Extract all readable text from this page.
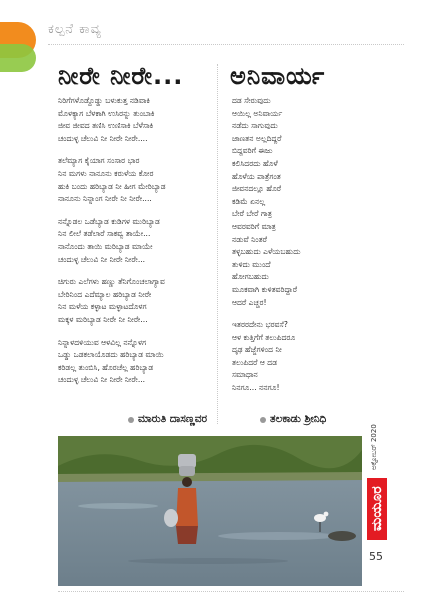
ಕಲ್ಪನೆ ಕಾವ್ಯ
ನೀರೇ ನೀರೇ... ಅನಿವಾರ್ಯ
ನಿರಿಗೆಗಳೊಡ್ದೊಡ್ಡು ಬಳುಕುತ್ತ ನಡಿವಾಕಿ
ಮೊಳಕ್ಯಾಗ ಬೆಳಕಾಗಿ ಉಸಿರನ್ನು ತುಂಬಾಕಿ
ಜೀವ ಜೀವದ ತಣಿಸಿ ಉಣಿಸಾಕಿ ಬೆಳೆಸಾಕಿ
ಚಂದುಳ್ಳ ಚೆಲುವಿ ನೀ ನೀರೇ ನೀರೇ....
ತಲೆಮ್ಯಾಗ ಕೈಯಾಗ ಸಂಸಾರ ಭಾರ
ನಿನ ಮಗಳು ನಾನೂನು ಕರುಳೆಯ ಕೋರ
ಹುಕಿ ಬಂದು ಹರಿಬ್ಯಾಡ ನೀ ಹೀಗ ಮೇರಿಬ್ಯಾಡ
ನಾನೂನು ನಿನ್ನಾಂಗ ನೀರೇ ನೀ ನೀರೇ....
ನನ್ನೊಡಲ ಒಡೆಬ್ಯಾಡ ಕುಡಿಗಳ ಮುರಿಬ್ಯಾಡ
ನಿನ ಲೀಲೆ ತಡೆಲಾರೆ ಸಾಕವ್ವ ತಾಯೇ...
ನಾನೊಂದು ತಾಯಿ ಮರಿಬ್ಯಾಡ ಮಾಯೇ
ಚಂದುಳ್ಳ ಚೆಲುವಿ ನೀ ನೀರೇ ನೀರೇ...
ಚಿಗುರು ಎಲೆಗಳು ಹಣ್ಣು ತೆನಿಗೊಂಚಲಾಗ್ಯಾವ
ಬೇರಿನಿಂದ ಎದೆಮ್ಯಾಲ ಹರಿಬ್ಯಾಡ ನೀರೇ
ನಿನ ಮಳೆಯ ಕಳ್ಳಾಟ ಮಳ್ಳಾಟದೊಳಗ
ಮಕ್ಕಳ ಮರಿಬ್ಯಾಡ ನೀರೇ ನೀ ನೀರೇ...
ನಿನ್ನಾಳದಳಿಯುವ ಆಳವಿಲ್ಲ ನನ್ನೊಳಗ
ಒಡ್ಡು ಒಡಕಲಾಯೊಡದು ಹರಿಬ್ಯಾಡ ಮಾಯಿ
ಕರಿಡಲ್ಲ ತುಂಬಿಸಿ, ಹೊರಚೆಲ್ಲ ಹರಿಬ್ಯಾಡ
ಚಂದುಳ್ಳ ಚೆಲುವಿ ನೀ ನೀರೇ ನೀರೇ...
ದಡ ಸೇರುವುದು
ಆಯಿಲ್ಲ ಅನಿವಾರ್ಯ
ನಡೆದು ಸಾಗುವುದು
ಜಾಣತನ ಅಲ್ಲದಿದ್ದರೆ
ಬಿದ್ದವರಿಗೆ ಈಜು
ಕಲಿಸಿದರದು ಹೊಳೆ
ಹೊಳೆಯ ಪಾತ್ರೆಗಂತ
ಜೀವನದಲ್ಲೂ ಹೊರೆ
ಕಡಿಮೆ ಏನಲ್ಲ
ಬೇರೆ ಬೇರೆ ಗಾತ್ರ
ಆವರವರಿಗೆ ಮಾತ್ರ
ನಡುವೆ ನಿಂತರೆ
ತಳ್ಳಬಹುದು ಎಳೆಯಬಹುದು
ತುಳಿದು ಮುಂದೆ
ಹೋಗಬಹುದು
ಮೂಕವಾಗಿ ಕುಳಿತವರಿದ್ದಾರೆ
ಆದರೆ ಎಚ್ಚರ!
ಇತರರದೇನು ಭರವಸೆ?
ಆಳ ಕುತ್ತಿಗೆಗೆ ತಲುಪಿದರೂ
ದೃಢ ಹೆಜ್ಜೆಗಳಿಂದ ನೀ
ತಲುಪಿದರೆ ಆ ದಡ
ಸಮಾಧಾನ
ನಿನಗೂ... ನನಗೂ!
ಮಾರುತಿ ದಾಸಣ್ಣವರ	ತಲಕಾಡು ಶ್ರೀನಿಧಿ
ಅಕ್ಟೋಬರ್ 2020
ಮಯೂರ
55
